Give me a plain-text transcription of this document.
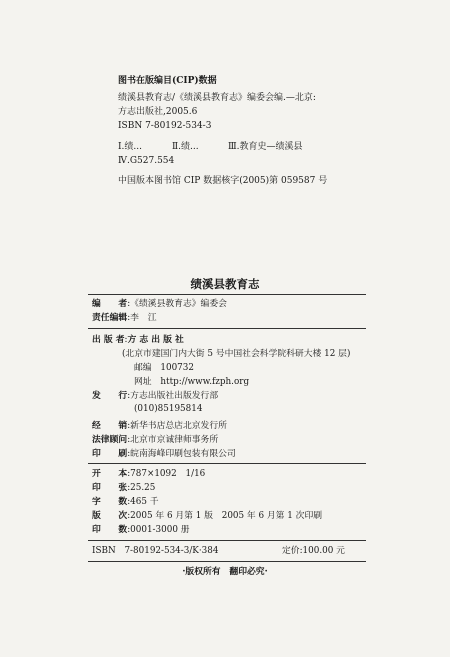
图书在版编目(CIP)数据
绩溪县教育志/《绩溪县教育志》编委会编.—北京:
方志出版社,2005.6
ISBN 7-80192-534-3
Ⅰ.绩...	Ⅱ.绩...	Ⅲ.教育史—绩溪县
Ⅳ.G527.554
中国版本图书馆 CIP 数据核字(2005)第 059587 号
绩溪县教育志
编　　者:《绩溪县教育志》编委会
责任编辑:李　江
出 版 者:方 志 出 版 社
(北京市建国门内大街 5 号中国社会科学院科研大楼 12 层)
邮编　100732
网址　http://www.fzph.org
发　　行:方志出版社出版发行部
(010)85195814
经　　销:新华书店总店北京发行所
法律顾问:北京市京诚律师事务所
印　　刷:皖南海峰印刷包装有限公司
开　　本:787×1092　1/16
印　　张:25.25
字　　数:465 千
版　　次:2005 年 6 月第 1 版　2005 年 6 月第 1 次印刷
印　　数:0001-3000 册
ISBN　7-80192-534-3/K·384	定价:100.00 元
·版权所有　翻印必究·
